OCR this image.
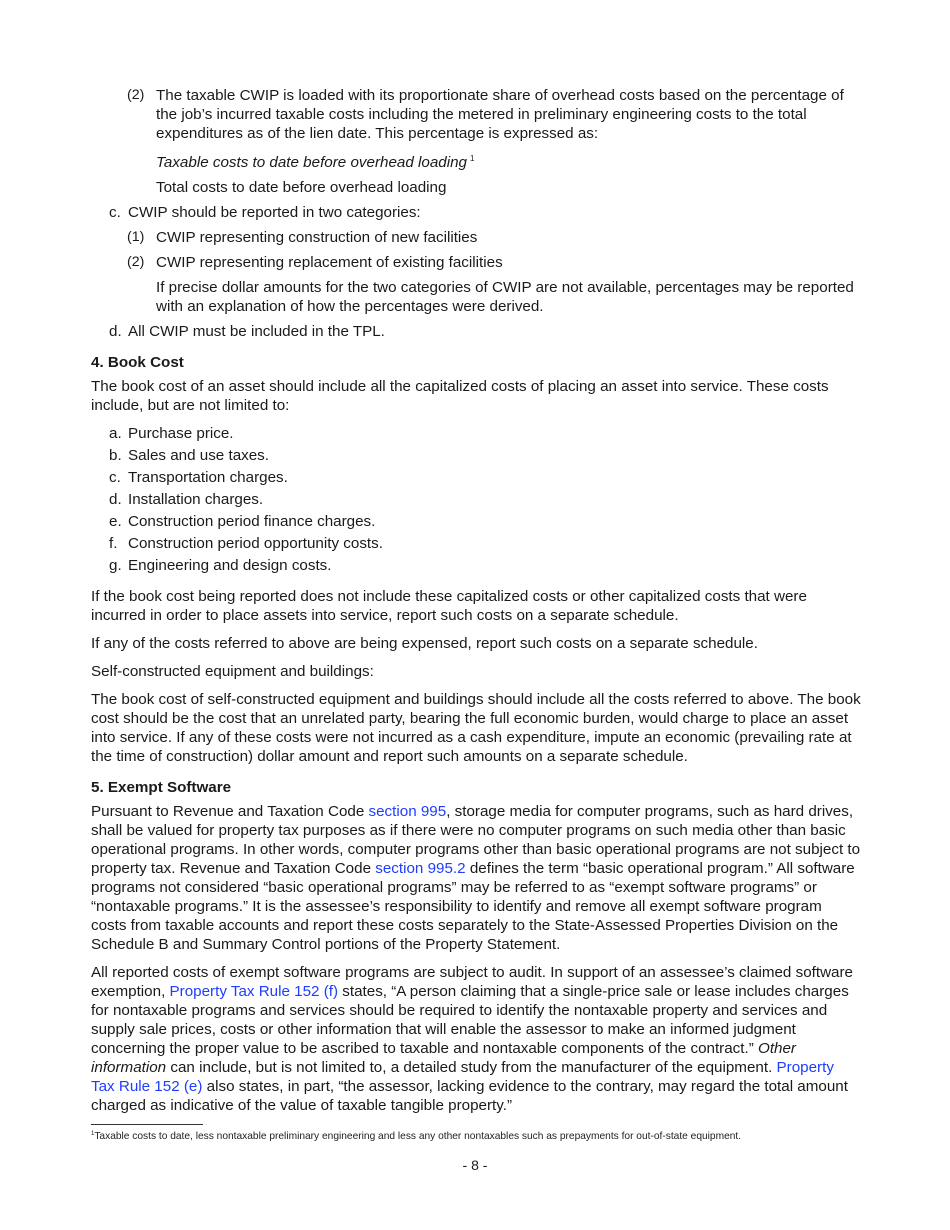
(2) The taxable CWIP is loaded with its proportionate share of overhead costs based on the percentage of the job’s incurred taxable costs including the metered in preliminary engineering costs to the total expenditures as of the lien date. This percentage is expressed as:

Taxable costs to date before overhead loading $^1$

Total costs to date before overhead loading

c. CWIP should be reported in two categories:

(1) CWIP representing construction of new facilities

(2) CWIP representing replacement of existing facilities

If precise dollar amounts for the two categories of CWIP are not available, percentages may be reported with an explanation of how the percentages were derived.

d. All CWIP must be included in the TPL.

4. Book Cost

The book cost of an asset should include all the capitalized costs of placing an asset into service. These costs include, but are not limited to:

a. Purchase price.
b. Sales and use taxes.
c. Transportation charges.
d. Installation charges.
e. Construction period finance charges.
f. Construction period opportunity costs.
g. Engineering and design costs.

If the book cost being reported does not include these capitalized costs or other capitalized costs that were incurred in order to place assets into service, report such costs on a separate schedule.

If any of the costs referred to above are being expensed, report such costs on a separate schedule.

Self-constructed equipment and buildings:

The book cost of self-constructed equipment and buildings should include all the costs referred to above. The book cost should be the cost that an unrelated party, bearing the full economic burden, would charge to place an asset into service. If any of these costs were not incurred as a cash expenditure, impute an economic (prevailing rate at the time of construction) dollar amount and report such amounts on a separate schedule.

5. Exempt Software

Pursuant to Revenue and Taxation Code section 995, storage media for computer programs, such as hard drives, shall be valued for property tax purposes as if there were no computer programs on such media other than basic operational programs. In other words, computer programs other than basic operational programs are not subject to property tax. Revenue and Taxation Code section 995.2 defines the term “basic operational program.” All software programs not considered “basic operational programs” may be referred to as “exempt software programs” or “nontaxable programs.” It is the assessee’s responsibility to identify and remove all exempt software program costs from taxable accounts and report these costs separately to the State-Assessed Properties Division on the Schedule B and Summary Control portions of the Property Statement.

All reported costs of exempt software programs are subject to audit. In support of an assessee’s claimed software exemption, Property Tax Rule 152 (f) states, “A person claiming that a single-price sale or lease includes charges for nontaxable programs and services should be required to identify the nontaxable property and services and supply sale prices, costs or other information that will enable the assessor to make an informed judgment concerning the proper value to be ascribed to taxable and nontaxable components of the contract.” Other information can include, but is not limited to, a detailed study from the manufacturer of the equipment. Property Tax Rule 152 (e) also states, in part, “the assessor, lacking evidence to the contrary, may regard the total amount charged as indicative of the value of taxable tangible property.”

$^1$Taxable costs to date, less nontaxable preliminary engineering and less any other nontaxables such as prepayments for out-of-state equipment.

- 8 -
